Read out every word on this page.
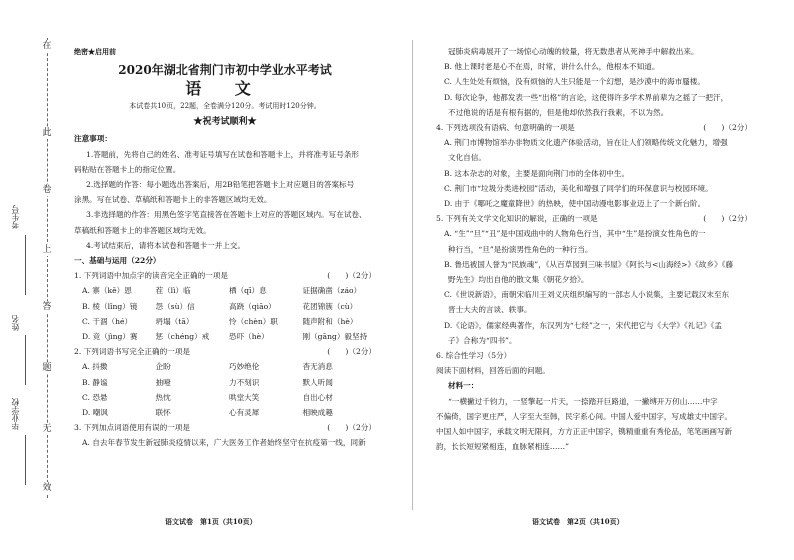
在
此
卷
上
答
题
无
效
考生号
姓名
毕业学校
绝密★启用前
2020年湖北省荆门市初中学业水平考试
语 文
本试卷共10页，22题，全卷满分120分。考试用时120分钟。
★祝考试顺利★
注意事项：
1.答题前，先将自己的姓名、准考证号填写在试卷和答题卡上，并将准考证号条形
码粘贴在答题卡上的指定位置。
2.选择题的作答：每小题选出答案后，用2B铅笔把答题卡上对应题目的答案标号
涂黑。写在试卷、草稿纸和答题卡上的非答题区域均无效。
3.非选择题的作答：用黑色签字笔直接答在答题卡上对应的答题区域内。写在试卷、
草稿纸和答题卡上的非答题区域均无效。
4.考试结束后，请将本试卷和答题卡一并上交。
一、基础与运用（22分）
1. 下列词语中加点字的读音完全正确的一项是	(　　)（2分）
A. 寨（kě）恩	茬（lì）临	栖（qī）息	证据确凿（záo）
B. 棱（lǐng）镜	怨（sù）信	高跷（qiāo）	花团锦簇（cù）
C. 干涸（hé）	坍塌（tā）	怜（chèn）职	随声附和（hè）
D. 竞（jìng）赛	惩（chéng）戒	恐吓（hè）	刚（gāng）毅坚持
2. 下列词语书写完全正确的一项是	(　　)（2分）
A. 抖擞	企盼	巧妙绝伦	杳无消息
B. 静谧	抽噎	力不刻识	默人听闻
C. 恐悬	热忱	哄堂大笑	自出心材
D. 嘲讽	联怀	心有灵犀	相映成趣
3. 下列加点词语使用有误的一项是	(　　)（2分）
A. 自去年春节发生新冠肺炎疫情以来，广大医务工作者始终坚守在抗疫第一线，同新
语文试卷　第1页（共10页）
冠肺炎病毒展开了一场惊心动魄的较量，将无数患者从死神手中解救出来。
B. 他上课时老是心不在焉，时常，讲什么什么，他根本不知道。
C. 人生处处有烦恼，没有烦恼的人生只能是一个幻想，是沙漠中的海市蜃楼。
D. 每次论争，他都发表一些“出格”的言论，这使得许多学术界前辈为之摇了一把汗，
不过他说的话是有根有据的，但是他却依然我行我素，不以为然。
4. 下列选项没有语病、句意明确的一项是	(　　)（2分）
A. 荆门市博物馆举办非物质文化遗产体验活动，旨在让人们领略传统文化魅力，增强
文化自信。
B. 这本杂志的对象，主要是面向荆门市的全体初中生。
C. 荆门市“垃圾分类进校园”活动，美化和增强了同学们的环保意识与校园环境。
D. 由于《哪吒之魔童降世》的热映，使中国动漫电影事业迈上了一个新台阶。
5. 下列有关文学文化知识的解说，正确的一项是	(　　)（2分）
A. “生”“旦”“丑”是中国戏曲中的人物角色行当，其中“生”是扮演女性角色的一
种行当，“旦”是扮演男性角色的一种行当。
B. 鲁迅被国人誉为“民族魂”，《从百草园到三味书屋》《阿长与<山海经>》《故乡》《藤
野先生》均出自他的散文集《朝花夕拾》。
C.《世说新语》，南朝宋临川王刘义庆组织编写的一部志人小说集，主要记载汉末至东
晋士大夫的言谈、轶事。
D.《论语》，儒家经典著作，东汉列为“七经”之一，宋代把它与《大学》《礼记》《孟
子》合称为“四书”。
6. 综合性学习（5分）
阅读下面材料，回答后面的问题。
材料一：
“一横撇过千钧力，一竖擎起一片天，一捺踏开巨路道，一撇缚开万仞山……中字
不偏倚，国字更庄严，人字至大至韩，民字系心间。中国人爱中国字，写成雄丈中国字。
中国人如中国字，承载文明无限间，方方正正中国字，镌精重重有秀伦品，笔笔画画写新
韵，长长短短紧相连，血脉紧相连……”
语文试卷　第2页（共10页）
